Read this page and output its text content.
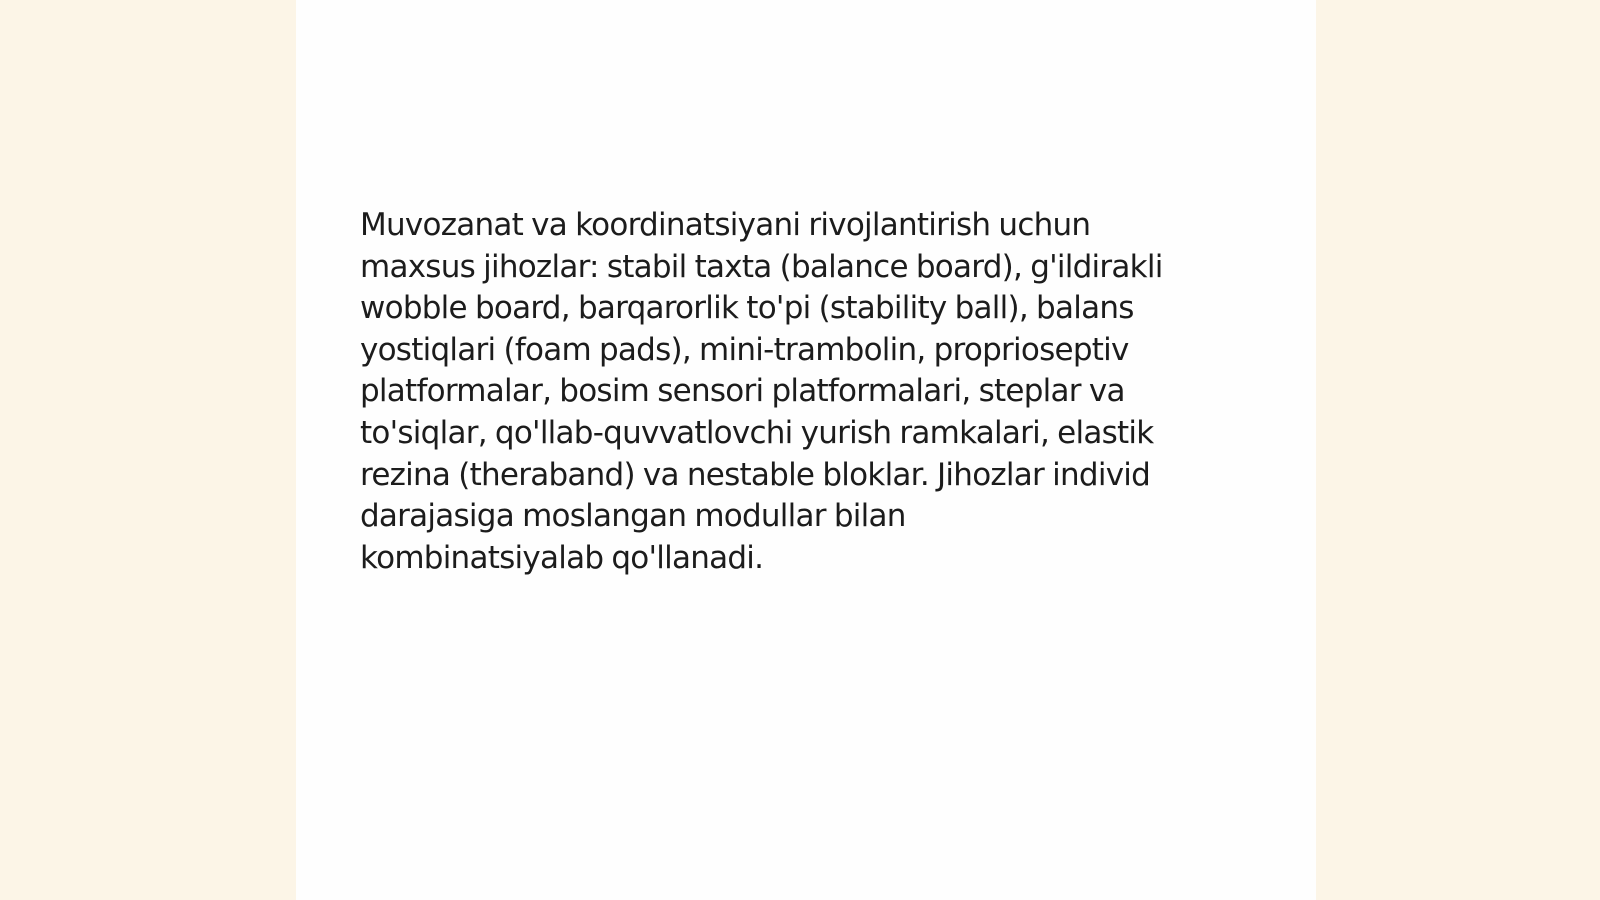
Muvozanat va koordinatsiyani rivojlantirish uchun
maxsus jihozlar: stabil taxta (balance board), g'ildirakli
wobble board, barqarorlik to'pi (stability ball), balans
yostiqlari (foam pads), mini-trambolin, proprioseptiv
platformalar, bosim sensori platformalari, steplar va
to'siqlar, qo'llab-quvvatlovchi yurish ramkalari, elastik
rezina (theraband) va nestable bloklar. Jihozlar individ
darajasiga moslangan modullar bilan
kombinatsiyalab qo'llanadi.
